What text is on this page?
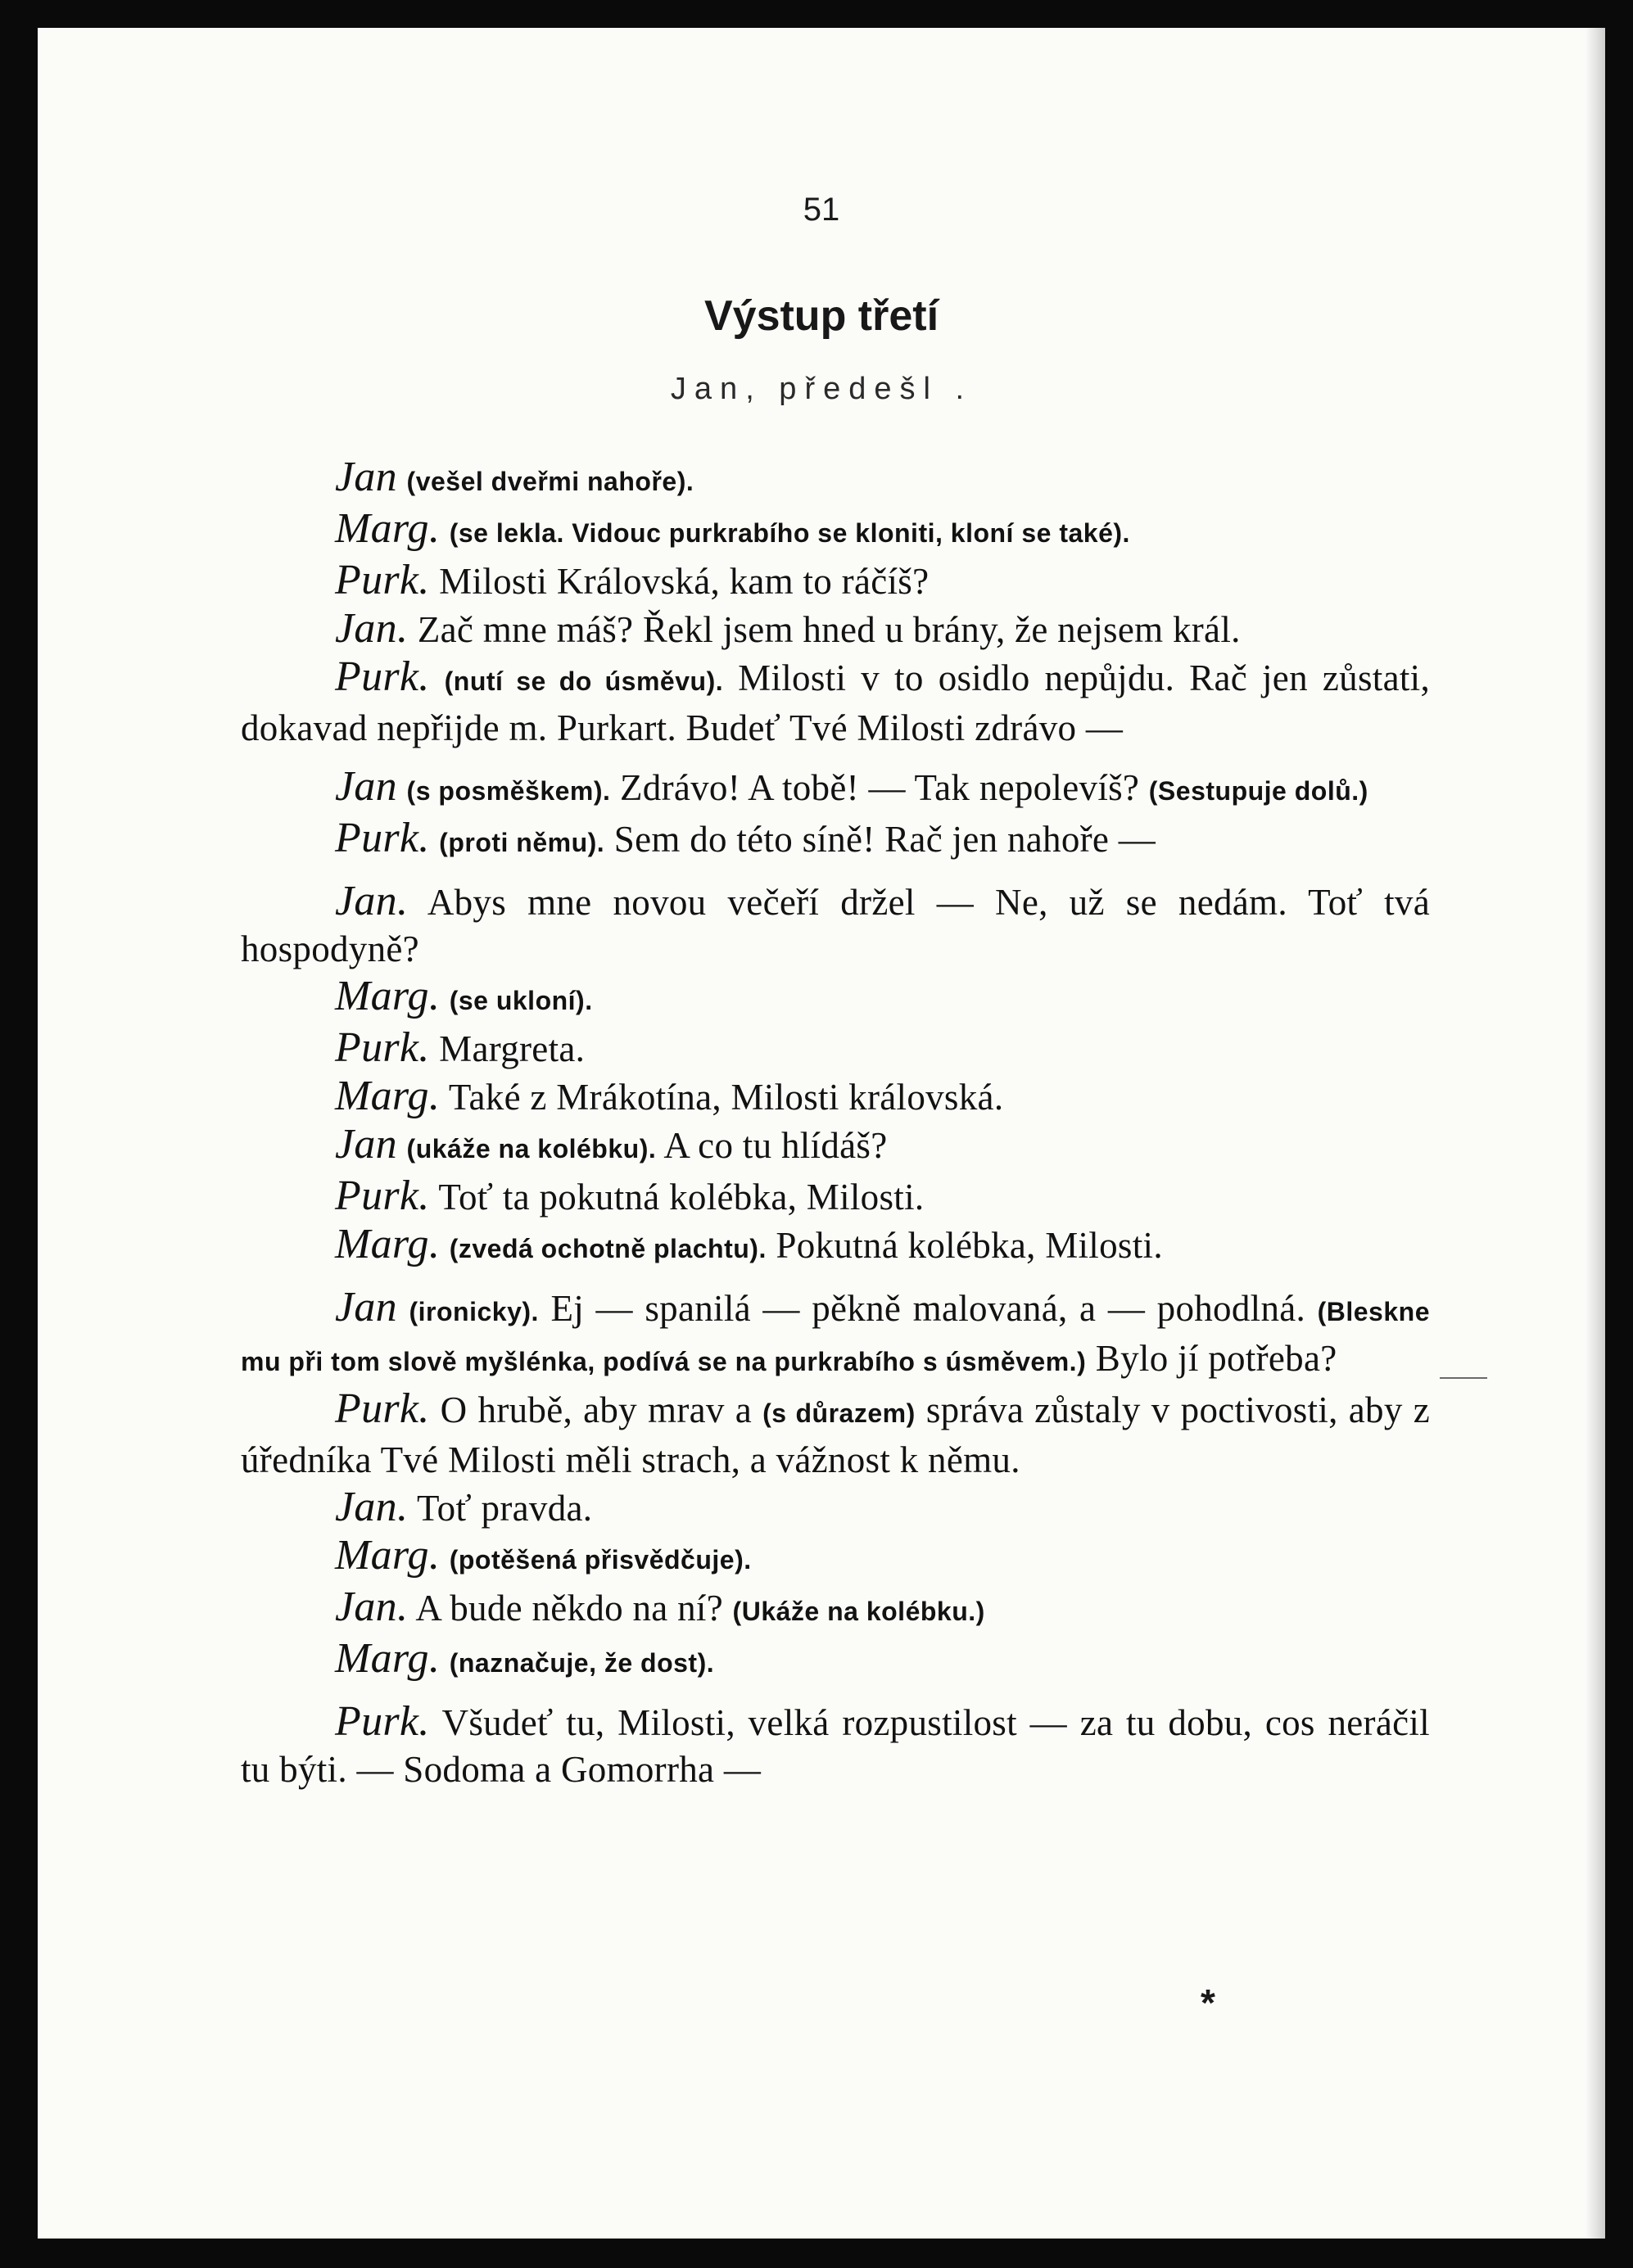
51
Výstup třetí
Jan, předešl .

Jan (vešel dveřmi nahoře).

Marg. (se lekla. Vidouc purkrabího se kloniti, kloní se také).

Purk. Milosti Královská, kam to ráčíš?

Jan. Zač mne máš? Řekl jsem hned u brány, že nejsem král.

Purk. (nutí se do úsměvu). Milosti v to osidlo nepůjdu. Rač jen zůstati, dokavad nepřijde m. Purkart. Budeť Tvé Milosti zdrávo —

Jan (s posměškem). Zdrávo! A tobě! — Tak nepolevíš? (Sestupuje dolů.)

Purk. (proti němu). Sem do této síně! Rač jen nahoře —

Jan. Abys mne novou večeří držel — Ne, už se nedám. Toť tvá hospodyně?

Marg. (se ukloní).

Purk. Margreta.

Marg. Také z Mrákotína, Milosti královská.

Jan (ukáže na kolébku). A co tu hlídáš?

Purk. Toť ta pokutná kolébka, Milosti.

Marg. (zvedá ochotně plachtu). Pokutná kolébka, Milosti.

Jan (ironicky). Ej — spanilá — pěkně malovaná, a — pohodlná. (Bleskne mu při tom slově myšlénka, podívá se na purkrabího s úsměvem.) Bylo jí potřeba?

Purk. O hrubě, aby mrav a (s důrazem) správa zůstaly v poctivosti, aby z úředníka Tvé Milosti měli strach, a vážnost k němu.

Jan. Toť pravda.

Marg. (potěšená přisvědčuje).

Jan. A bude někdo na ní? (Ukáže na kolébku.)

Marg. (naznačuje, že dost).

Purk. Všudeť tu, Milosti, velká rozpustilost — za tu dobu, cos neráčil tu býti. — Sodoma a Gomorrha —

*
